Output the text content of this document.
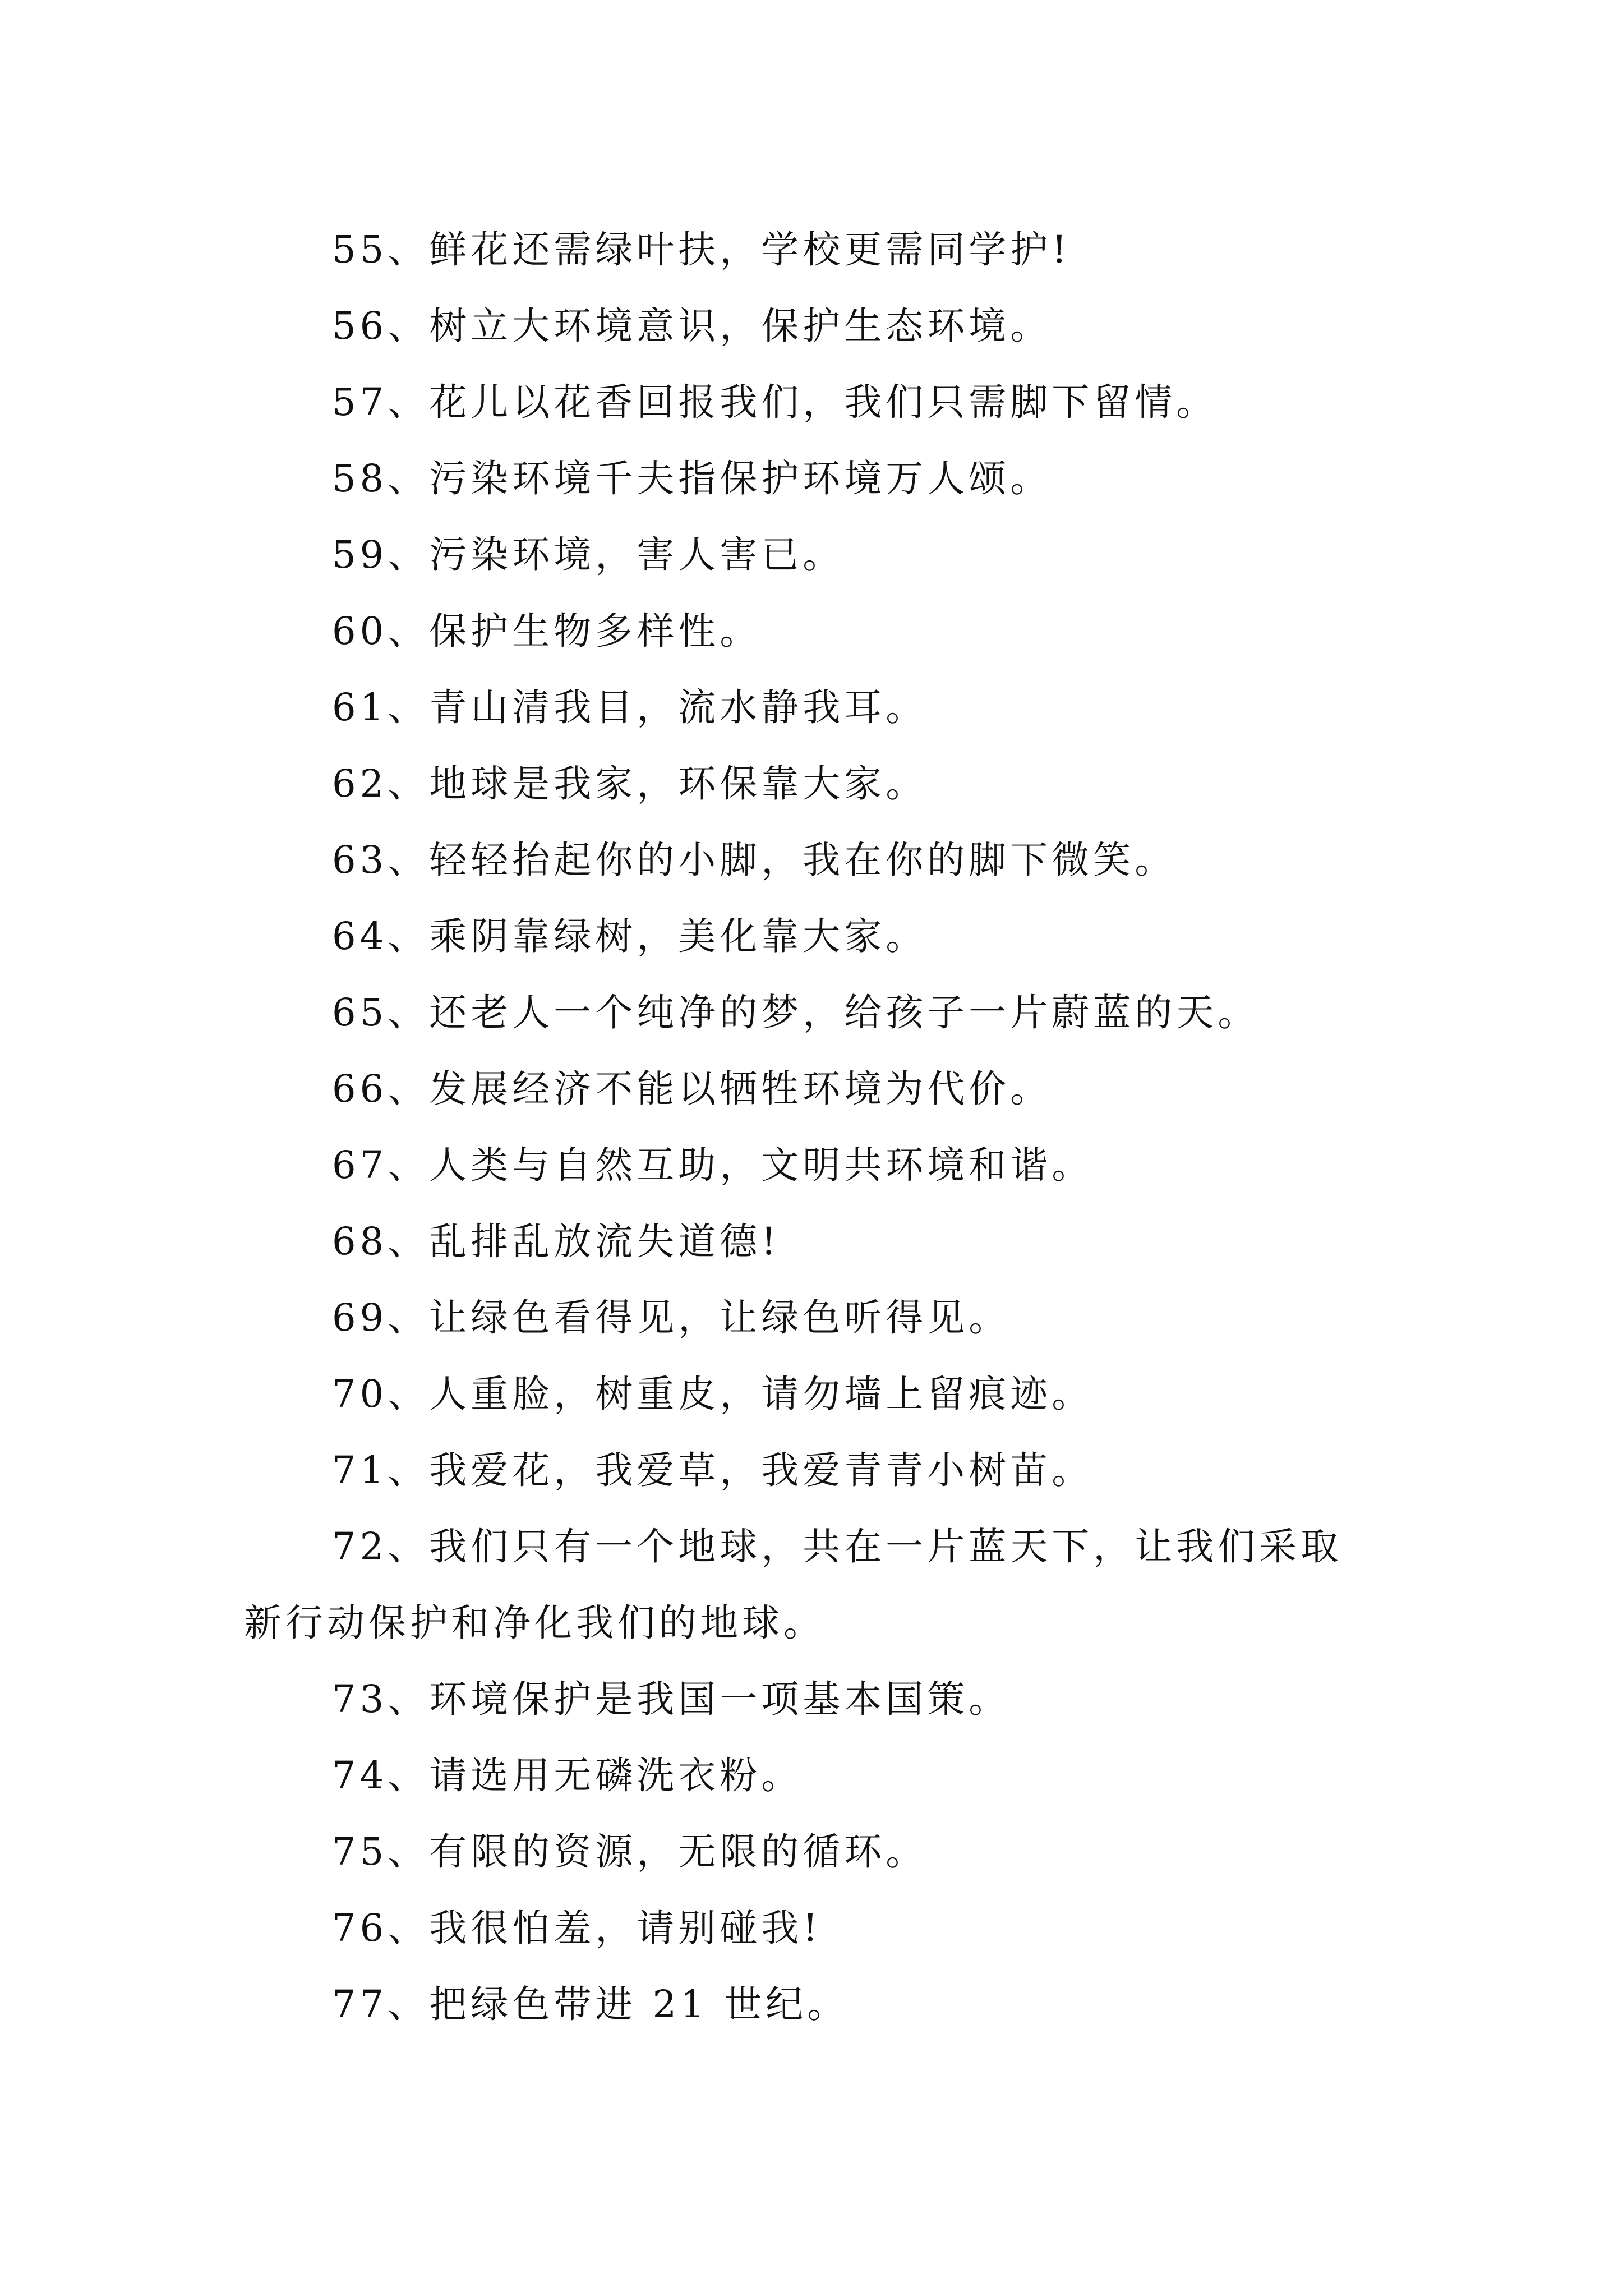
55、鲜花还需绿叶扶，学校更需同学护!
56、树立大环境意识，保护生态环境。
57、花儿以花香回报我们，我们只需脚下留情。
58、污染环境千夫指保护环境万人颂。
59、污染环境，害人害已。
60、保护生物多样性。
61、青山清我目，流水静我耳。
62、地球是我家，环保靠大家。
63、轻轻抬起你的小脚，我在你的脚下微笑。
64、乘阴靠绿树，美化靠大家。
65、还老人一个纯净的梦，给孩子一片蔚蓝的天。
66、发展经济不能以牺牲环境为代价。
67、人类与自然互助，文明共环境和谐。
68、乱排乱放流失道德!
69、让绿色看得见，让绿色听得见。
70、人重脸，树重皮，请勿墙上留痕迹。
71、我爱花，我爱草，我爱青青小树苗。
72、我们只有一个地球，共在一片蓝天下，让我们采取
新行动保护和净化我们的地球。
73、环境保护是我国一项基本国策。
74、请选用无磷洗衣粉。
75、有限的资源，无限的循环。
76、我很怕羞，请别碰我!
77、把绿色带进 21 世纪。
